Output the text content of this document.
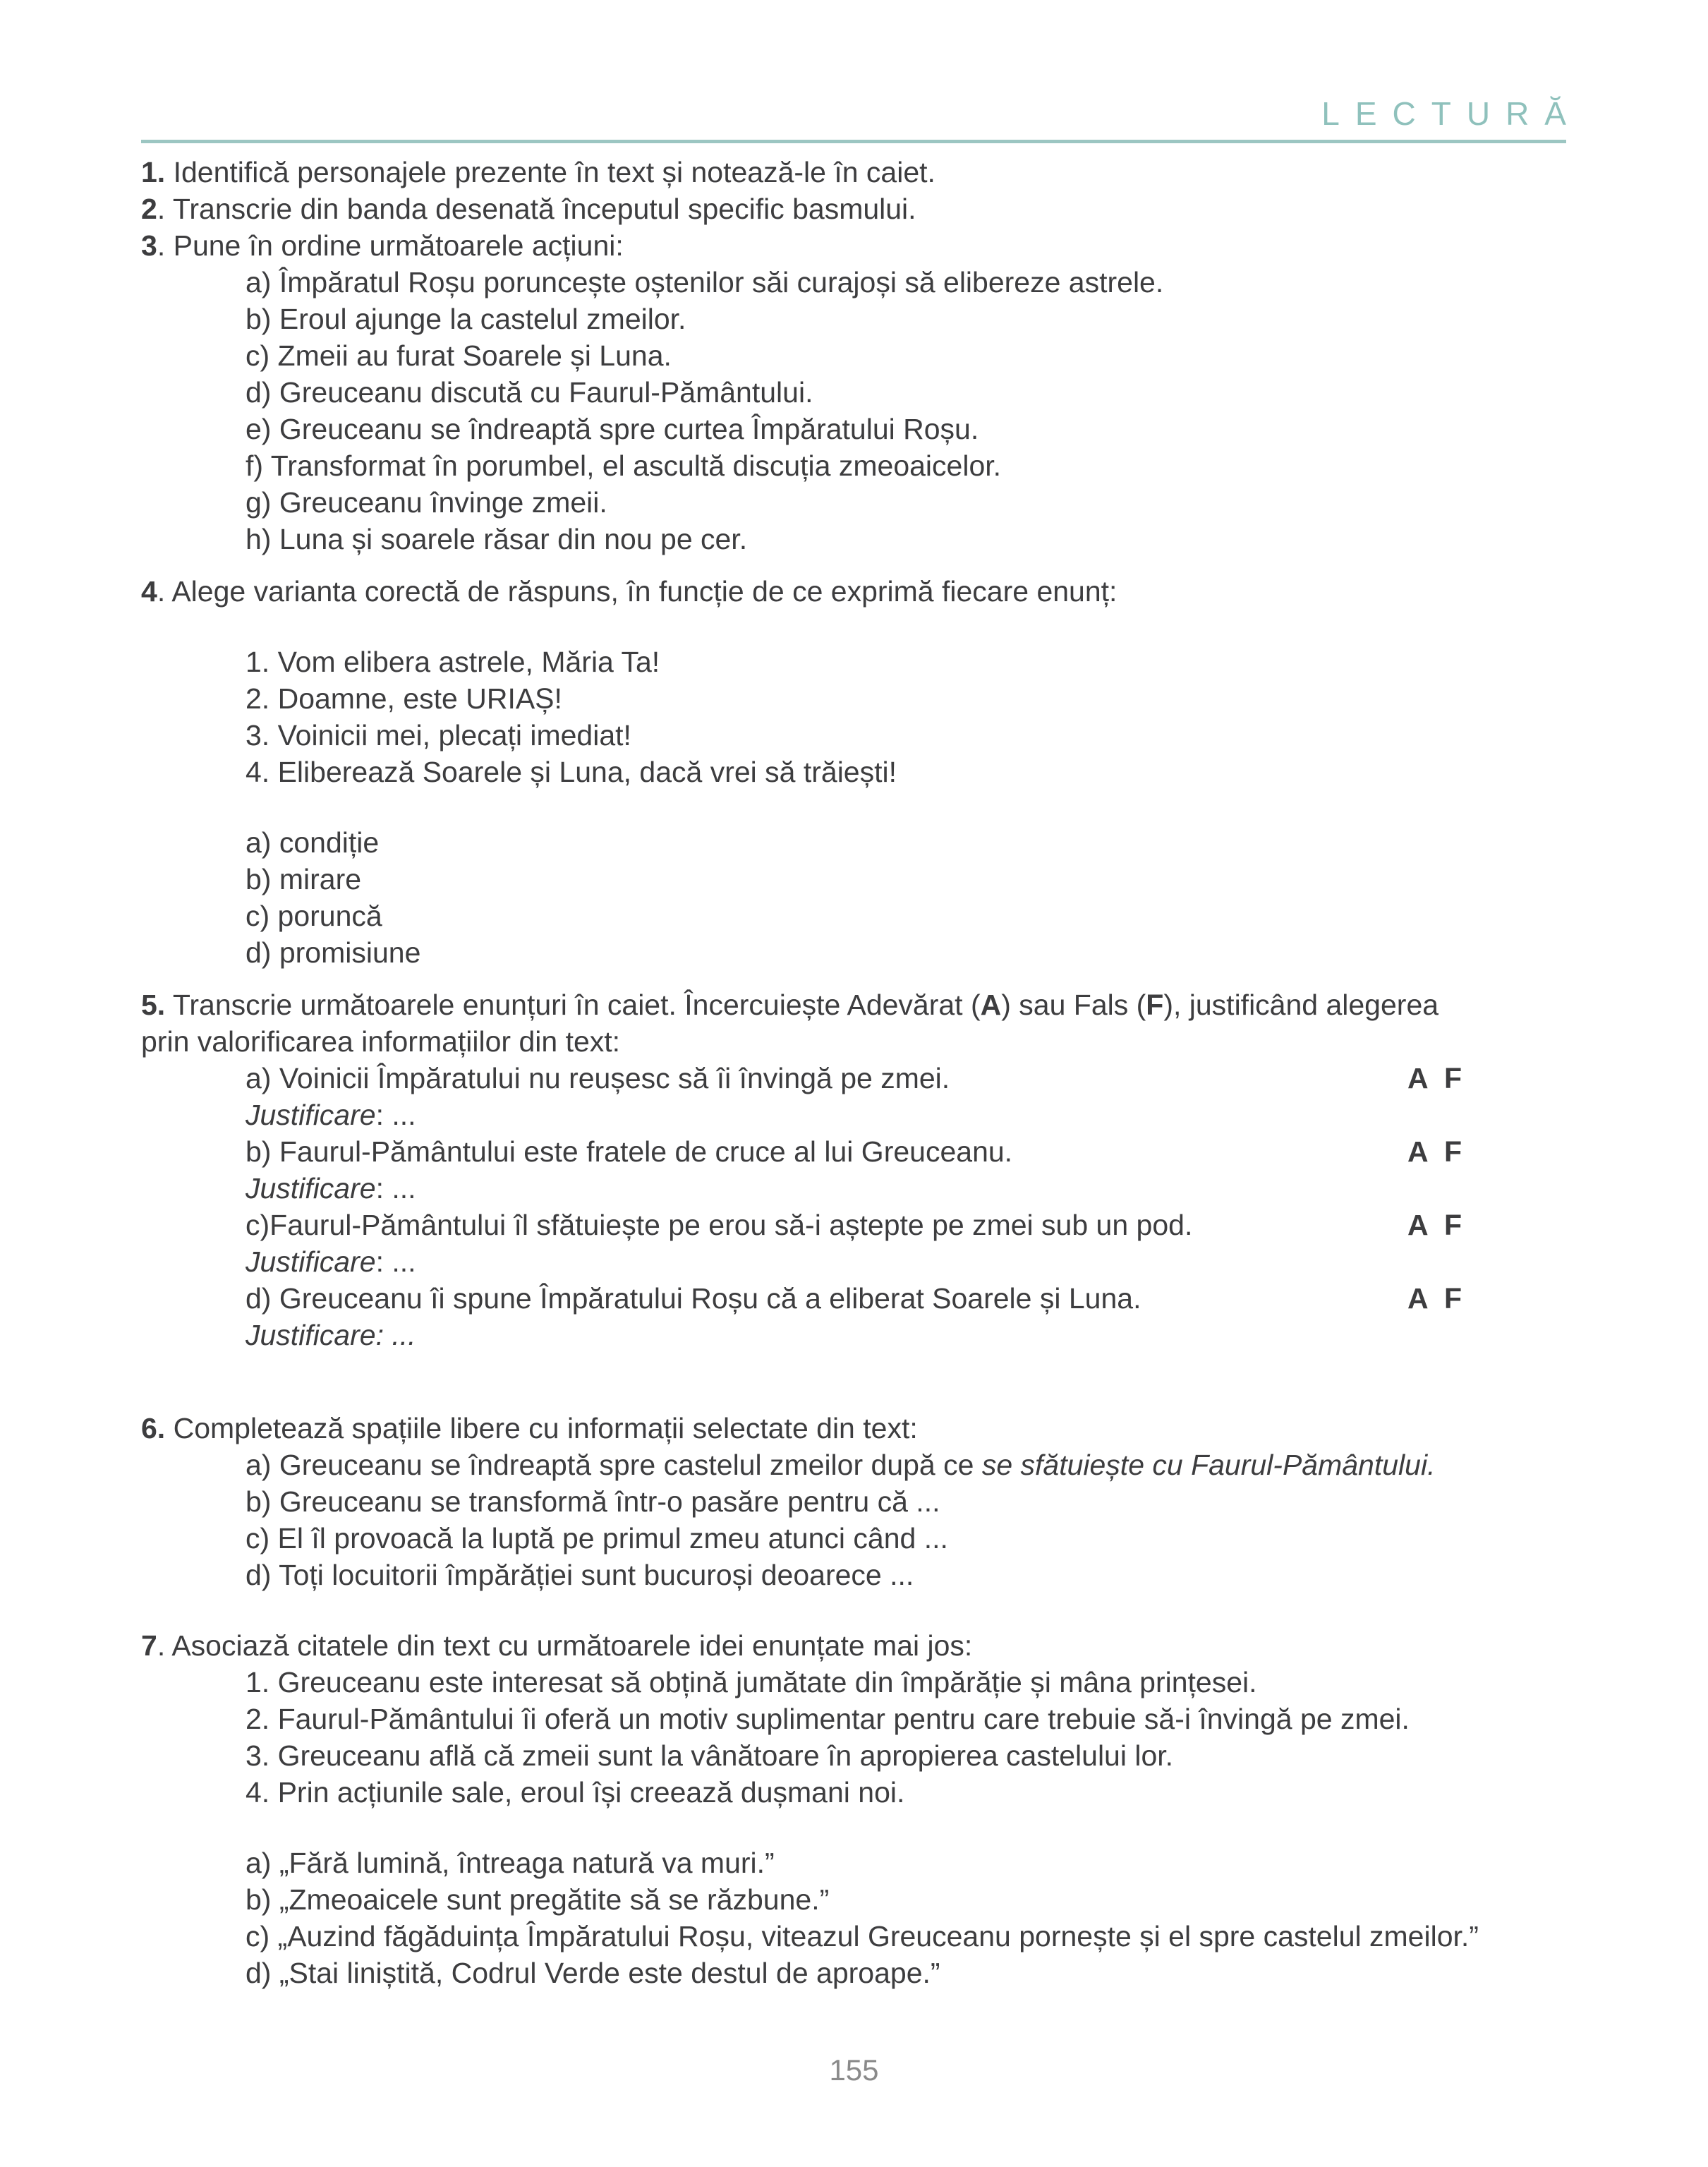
LECTURĂ
1. Identifică personajele prezente în text și notează-le în caiet.
2. Transcrie din banda desenată începutul specific basmului.
3. Pune în ordine următoarele acțiuni:
a) Împăratul Roșu poruncește oștenilor săi curajoși să elibereze astrele.
b) Eroul ajunge la castelul zmeilor.
c) Zmeii au furat Soarele și Luna.
d) Greuceanu discută cu Faurul-Pământului.
e) Greuceanu se îndreaptă spre curtea Împăratului Roșu.
f) Transformat în porumbel, el ascultă discuția zmeoaicelor.
g) Greuceanu învinge zmeii.
h) Luna și soarele răsar din nou pe cer.
4. Alege varianta corectă de răspuns, în funcție de ce exprimă fiecare enunț:
1. Vom elibera astrele, Măria Ta!
2. Doamne, este URIAȘ!
3. Voinicii mei, plecați imediat!
4. Eliberează Soarele și Luna, dacă vrei să trăiești!
a) condiție
b) mirare
c) poruncă
d) promisiune
5. Transcrie următoarele enunțuri în caiet. Încercuiește Adevărat (A) sau Fals (F), justificând alegerea
prin valorificarea informațiilor din text:
a) Voinicii Împăratului nu reușesc să îi învingă pe zmei.	A F
Justificare: ...
b) Faurul-Pământului este fratele de cruce al lui Greuceanu.	A F
Justificare: ...
c)Faurul-Pământului îl sfătuiește pe erou să-i aștepte pe zmei sub un pod.	A F
Justificare: ...
d) Greuceanu îi spune Împăratului Roșu că a eliberat Soarele și Luna.	A F
Justificare: ...
6. Completează spațiile libere cu informații selectate din text:
a) Greuceanu se îndreaptă spre castelul zmeilor după ce se sfătuiește cu Faurul-Pământului.
b) Greuceanu se transformă într-o pasăre pentru că ...
c) El îl provoacă la luptă pe primul zmeu atunci când ...
d) Toți locuitorii împărăției sunt bucuroși deoarece ...
7. Asociază citatele din text cu următoarele idei enunțate mai jos:
1. Greuceanu este interesat să obțină jumătate din împărăție și mâna prințesei.
2. Faurul-Pământului îi oferă un motiv suplimentar pentru care trebuie să-i învingă pe zmei.
3. Greuceanu află că zmeii sunt la vânătoare în apropierea castelului lor.
4. Prin acțiunile sale, eroul își creează dușmani noi.
a) „Fără lumină, întreaga natură va muri.”
b) „Zmeoaicele sunt pregătite să se răzbune.”
c) „Auzind făgăduința Împăratului Roșu, viteazul Greuceanu pornește și el spre castelul zmeilor.”
d) „Stai liniștită, Codrul Verde este destul de aproape.”
155
